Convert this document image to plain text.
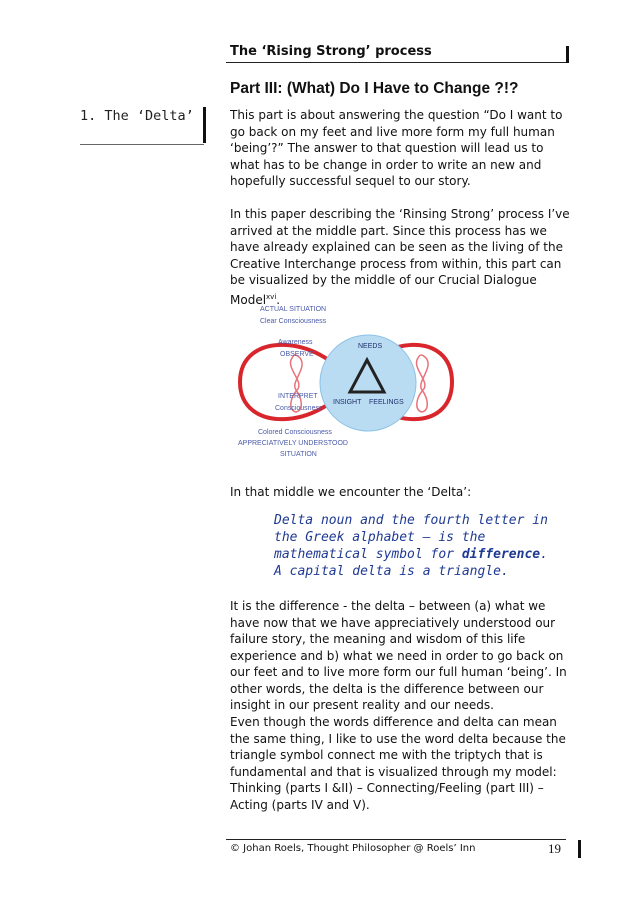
The ‘Rising Strong’ process
Part III: (What) Do I Have to Change ?!?
1. The ‘Delta’	This part is about answering the question “Do I want to go back on my feet and live more form my full human ‘being’?” The answer to that question will lead us to what has to be change in order to write an new and hopefully successful sequel to our story.

In this paper describing the ‘Rinsing Strong’ process I’ve arrived at the middle part. Since this process has we have already explained can be seen as the living of the Creative Interchange process from within, this part can be visualized by the middle of our Crucial Dialogue Model$^{xvi}$.

NEEDS
INSIGHT FEELINGS
ACTUAL SITUATION
Clear Consciousness
Awareness
OBSERVE
INTERPRET
Consciousness
Colored Consciousness
APPRECIATIVELY UNDERSTOOD
SITUATION

In that middle we encounter the ‘Delta’:

Delta noun and the fourth letter in
the Greek alphabet – is the
mathematical symbol for difference.
A capital delta is a triangle.

It is the difference - the delta – between (a) what we have now that we have appreciatively understood our failure story, the meaning and wisdom of this life experience and b) what we need in order to go back on our feet and to live more form our full human ‘being’. In other words, the delta is the difference between our insight in our present reality and our needs.

Even though the words difference and delta can mean the same thing, I like to use the word delta because the triangle symbol connect me with the triptych that is fundamental and that is visualized through my model: Thinking (parts I &II) – Connecting/Feeling (part III) – Acting (parts IV and V).

© Johan Roels, Thought Philosopher @ Roels’ Inn	19
